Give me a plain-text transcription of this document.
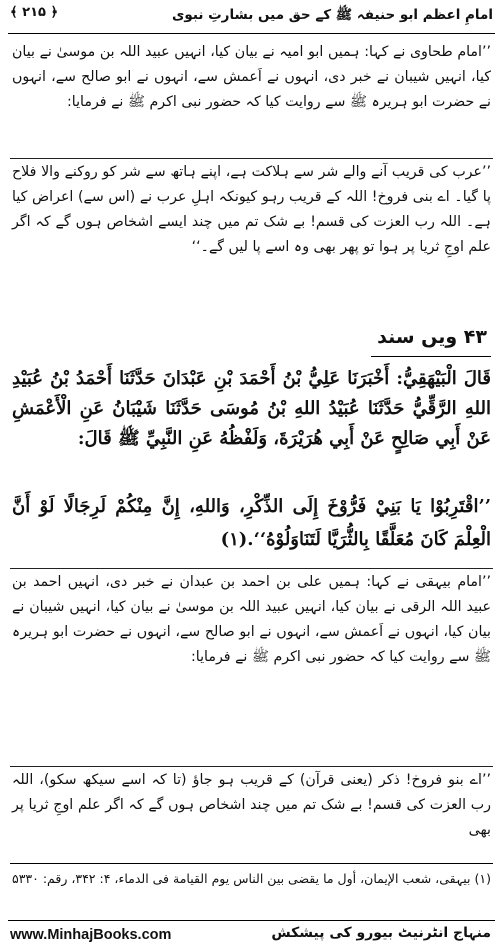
امامِ اعظم ابو حنیفہ ﷺ کے حق میں بشارتِ نبوی
﴿ ۲۱۵ ﴾
’’امام طحاوی نے کہا: ہمیں ابو امیہ نے بیان کیا، انہیں عبید اللہ بن موسیٰ نے بیان کیا، انہیں شیبان نے خبر دی، انہوں نے اَعمش سے، انہوں نے ابو صالح سے، انہوں نے حضرت ابو ہریرہ ﷺ سے روایت کیا کہ حضور نبی اکرم ﷺ نے فرمایا:
’’عرب کی قریب آنے والے شر سے ہلاکت ہے، اپنے ہاتھ سے شر کو روکنے والا فلاح پا گیا۔ اے بنی فروخ! اللہ کے قریب رہو کیونکہ اہلِ عرب نے (اس سے) اعراض کیا ہے۔ اللہ رب العزت کی قسم! بے شک تم میں چند ایسے اشخاص ہوں گے کہ اگر علم اوجِ ثریا پر ہوا تو پھر بھی وہ اسے پا لیں گے۔‘‘
۴۳ ویں سند
قَالَ الْبَيْهَقِيُّ: أَخْبَرَنَا عَلِيُّ بْنُ أَحْمَدَ بْنِ عَبْدَانَ حَدَّثَنَا أَحْمَدُ بْنُ عُبَيْدِ اللهِ الرَّقِّيُّ حَدَّثَنَا عُبَيْدُ اللهِ بْنُ مُوسَى حَدَّثَنَا شَيْبَانُ عَنِ الْأَعْمَشِ عَنْ أَبِي صَالِحٍ عَنْ أَبِي هُرَيْرَةَ، وَلَفْظُهُ عَنِ النَّبِيِّ ﷺ قَالَ:
’’اقْتَرِبُوْا يَا بَنِيْ فَرُّوْخَ إِلَى الذِّكْرِ، وَاللهِ، إِنَّ مِنْكُمْ لَرِجَالًا لَوْ أَنَّ الْعِلْمَ كَانَ مُعَلَّقًا بِالثُّرَيَّا لَتَنَاوَلُوْهُ‘‘.(۱)
’’امام بیہقی نے کہا: ہمیں علی بن احمد بن عبدان نے خبر دی، انہیں احمد بن عبید اللہ الرقی نے بیان کیا، انہیں عبید اللہ بن موسیٰ نے بیان کیا، انہیں شیبان نے بیان کیا، انہوں نے اَعمش سے، انہوں نے ابو صالح سے، انہوں نے حضرت ابو ہریرہ ﷺ سے روایت کیا کہ حضور نبی اکرم ﷺ نے فرمایا:
’’اے بنو فروخ! ذکر (یعنی قرآن) کے قریب ہو جاؤ (تا کہ اسے سیکھ سکو)، اللہ رب العزت کی قسم! بے شک تم میں چند اشخاص ہوں گے کہ اگر علم اوجِ ثریا پر بھی
(۱) بیہقی، شعب الإیمان، أول ما یقضی بین الناس یوم القیامة فی الدماء، ۴: ۳۴۲، رقم: ۵۳۳۰
www.MinhajBooks.com	منہاج انٹرنیٹ بیورو کی پیشکش
